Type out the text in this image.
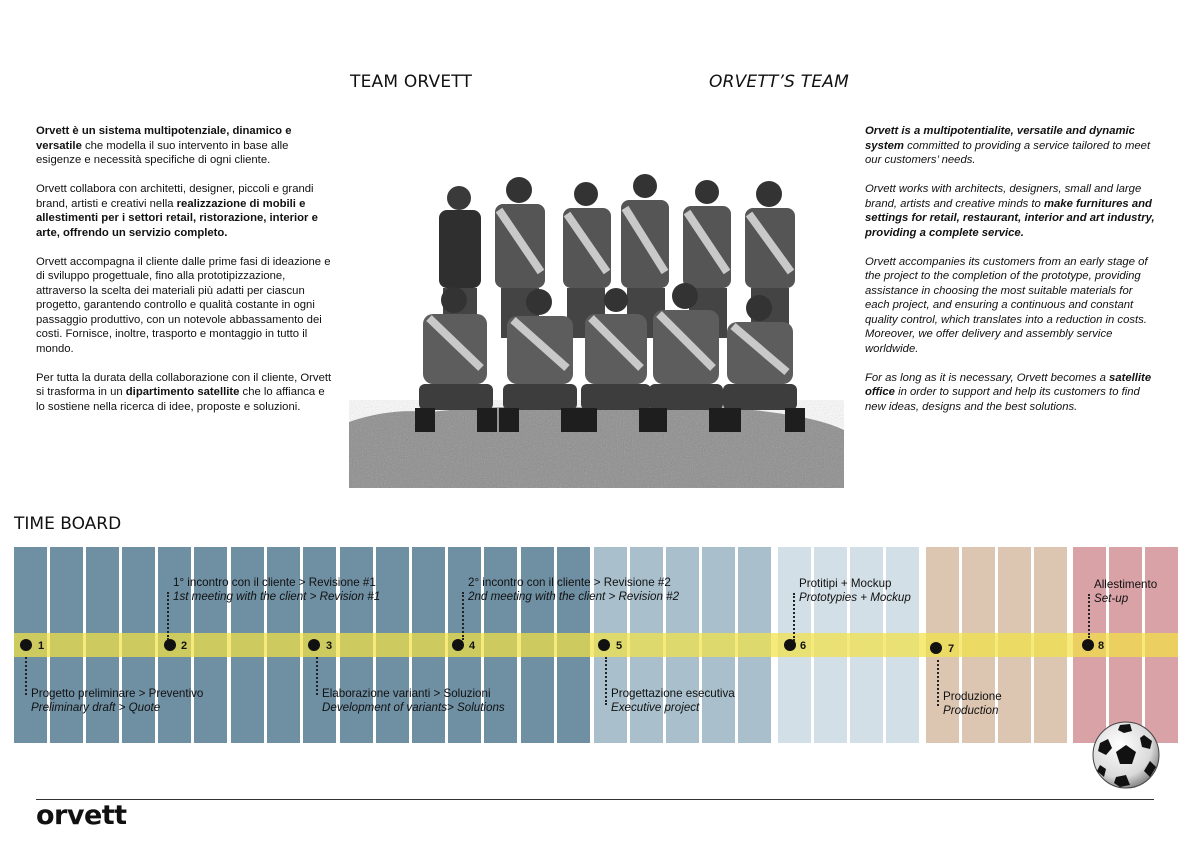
TEAM ORVETT	ORVETT’S TEAM

Orvett è un sistema multipotenziale, dinamico e versatile che modella il suo intervento in base alle esigenze e necessità specifiche di ogni cliente.

Orvett collabora con architetti, designer, piccoli e grandi brand, artisti e creativi nella realizzazione di mobili e allestimenti per i settori retail, ristorazione, interior e arte, offrendo un servizio completo.

Orvett accompagna il cliente dalle prime fasi di ideazione e di sviluppo progettuale, fino alla prototipizzazione, attraverso la scelta dei materiali più adatti per ciascun progetto, garantendo controllo e qualità costante in ogni passaggio produttivo, con un notevole abbassamento dei costi. Fornisce, inoltre, trasporto e montaggio in tutto il mondo.

Per tutta la durata della collaborazione con il cliente, Orvett si trasforma in un dipartimento satellite che lo affianca e lo sostiene nella ricerca di idee, proposte e soluzioni.

Orvett is a multipotentialite, versatile and dynamic system committed to providing a service tailored to meet our customers’ needs.

Orvett works with architects, designers, small and large brand, artists and creative minds to make furnitures and settings for retail, restaurant, interior and art industry, providing a complete service.

Orvett accompanies its customers from an early stage of the project to the completion of the prototype, providing assistance in choosing the most suitable materials for each project, and ensuring a continuous and constant quality control, which translates into a reduction in costs. Moreover, we offer delivery and assembly service worldwide.

For as long as it is necessary, Orvett becomes a satellite office in order to support and help its customers to find new ideas, designs and the best solutions.

TIME BOARD
1
Progetto preliminare > Preventivo
Preliminary draft > Quote
2
1° incontro con il cliente > Revisione #1
1st meeting with the client > Revision #1
3
Elaborazione varianti > Soluzioni
Development of variants> Solutions
4
2° incontro con il cliente > Revisione #2
2nd meeting with the client > Revision #2
5
Progettazione esecutiva
Executive project
6
Protitipi + Mockup
Prototypies + Mockup
7
Produzione
Production
8
Allestimento
Set-up
orvett
